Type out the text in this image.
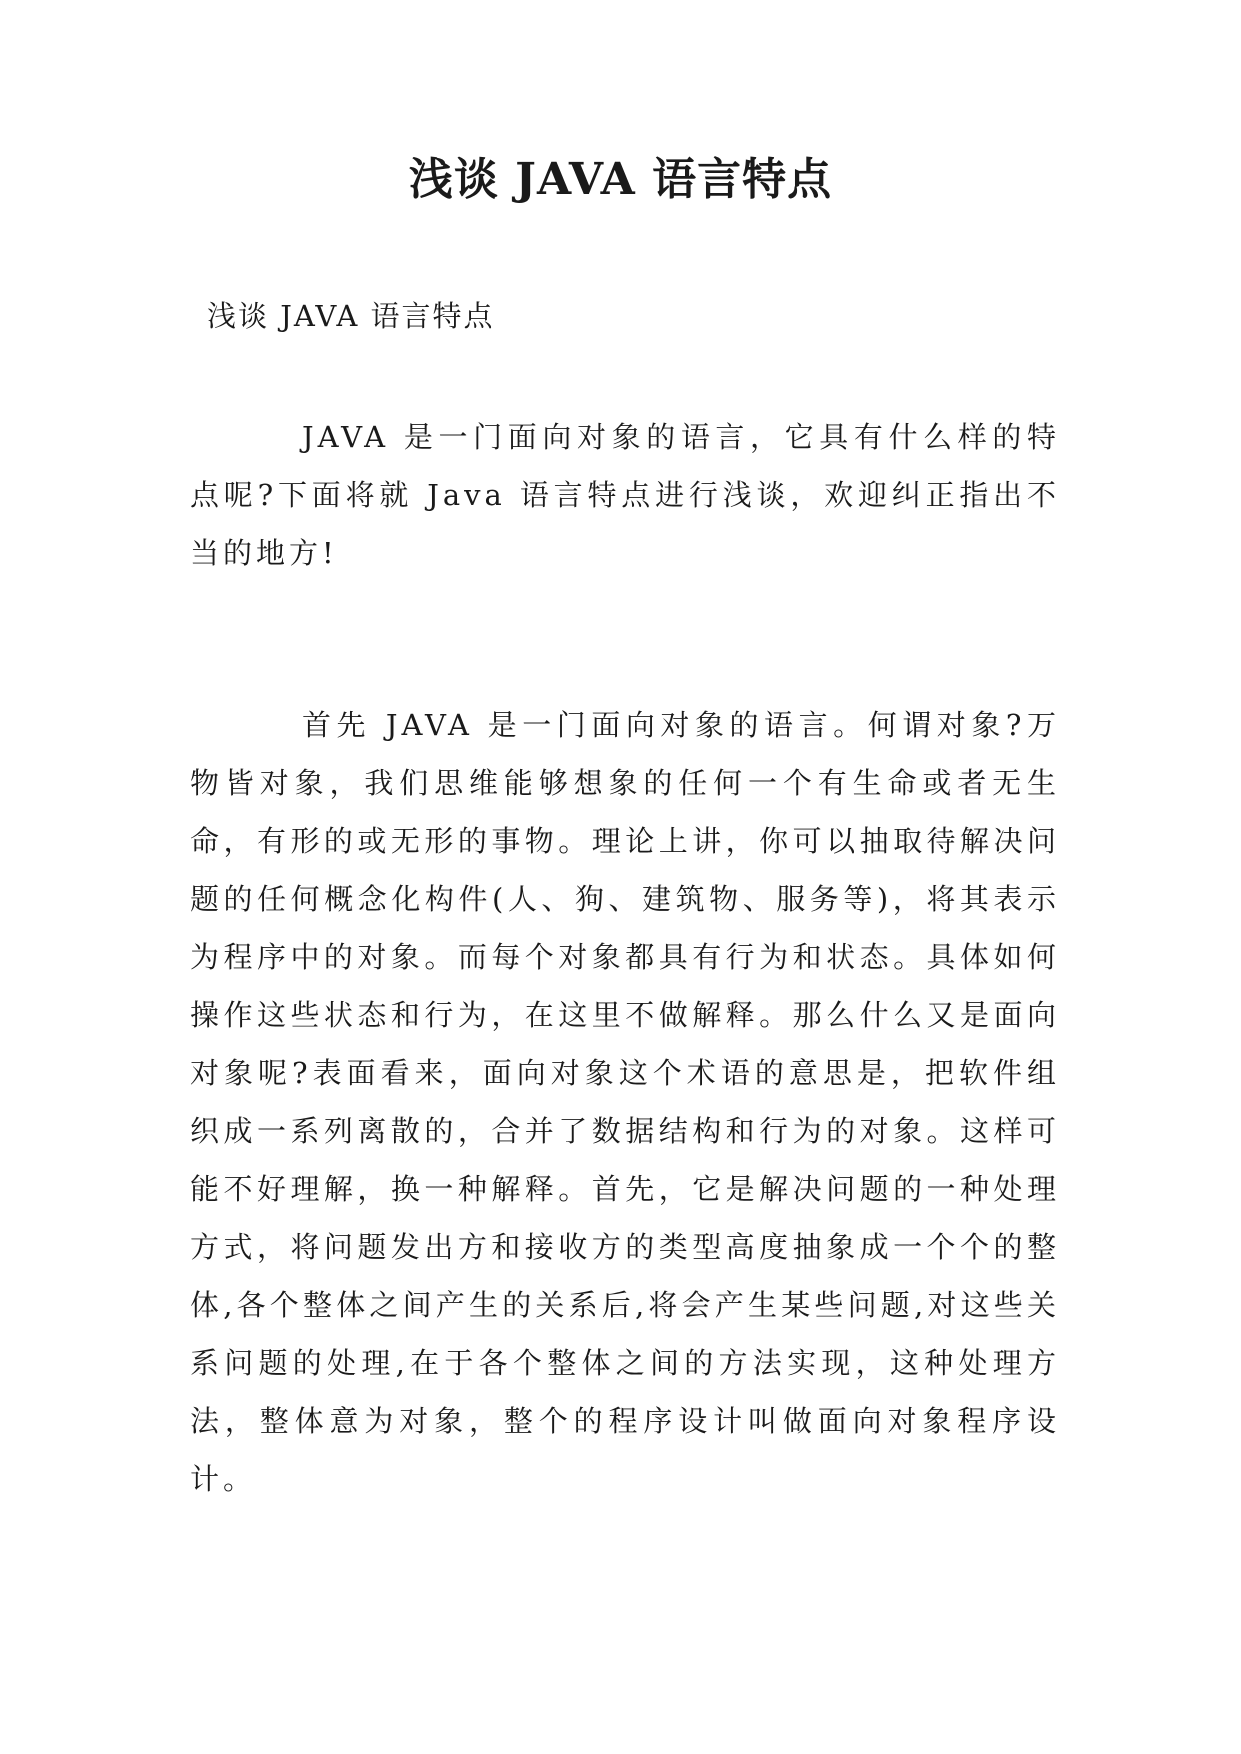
浅谈 JAVA 语言特点

浅谈 JAVA 语言特点

JAVA 是一门面向对象的语言，它具有什么样的特点呢?下面将就 Java 语言特点进行浅谈，欢迎纠正指出不当的地方!

首先 JAVA 是一门面向对象的语言。何谓对象?万物皆对象，我们思维能够想象的任何一个有生命或者无生命，有形的或无形的事物。理论上讲，你可以抽取待解决问题的任何概念化构件(人、狗、建筑物、服务等)，将其表示为程序中的对象。而每个对象都具有行为和状态。具体如何操作这些状态和行为，在这里不做解释。那么什么又是面向对象呢?表面看来，面向对象这个术语的意思是，把软件组织成一系列离散的，合并了数据结构和行为的对象。这样可能不好理解，换一种解释。首先，它是解决问题的一种处理方式，将问题发出方和接收方的类型高度抽象成一个个的整体,各个整体之间产生的关系后,将会产生某些问题,对这些关系问题的处理,在于各个整体之间的方法实现，这种处理方法，整体意为对象，整个的程序设计叫做面向对象程序设计。
